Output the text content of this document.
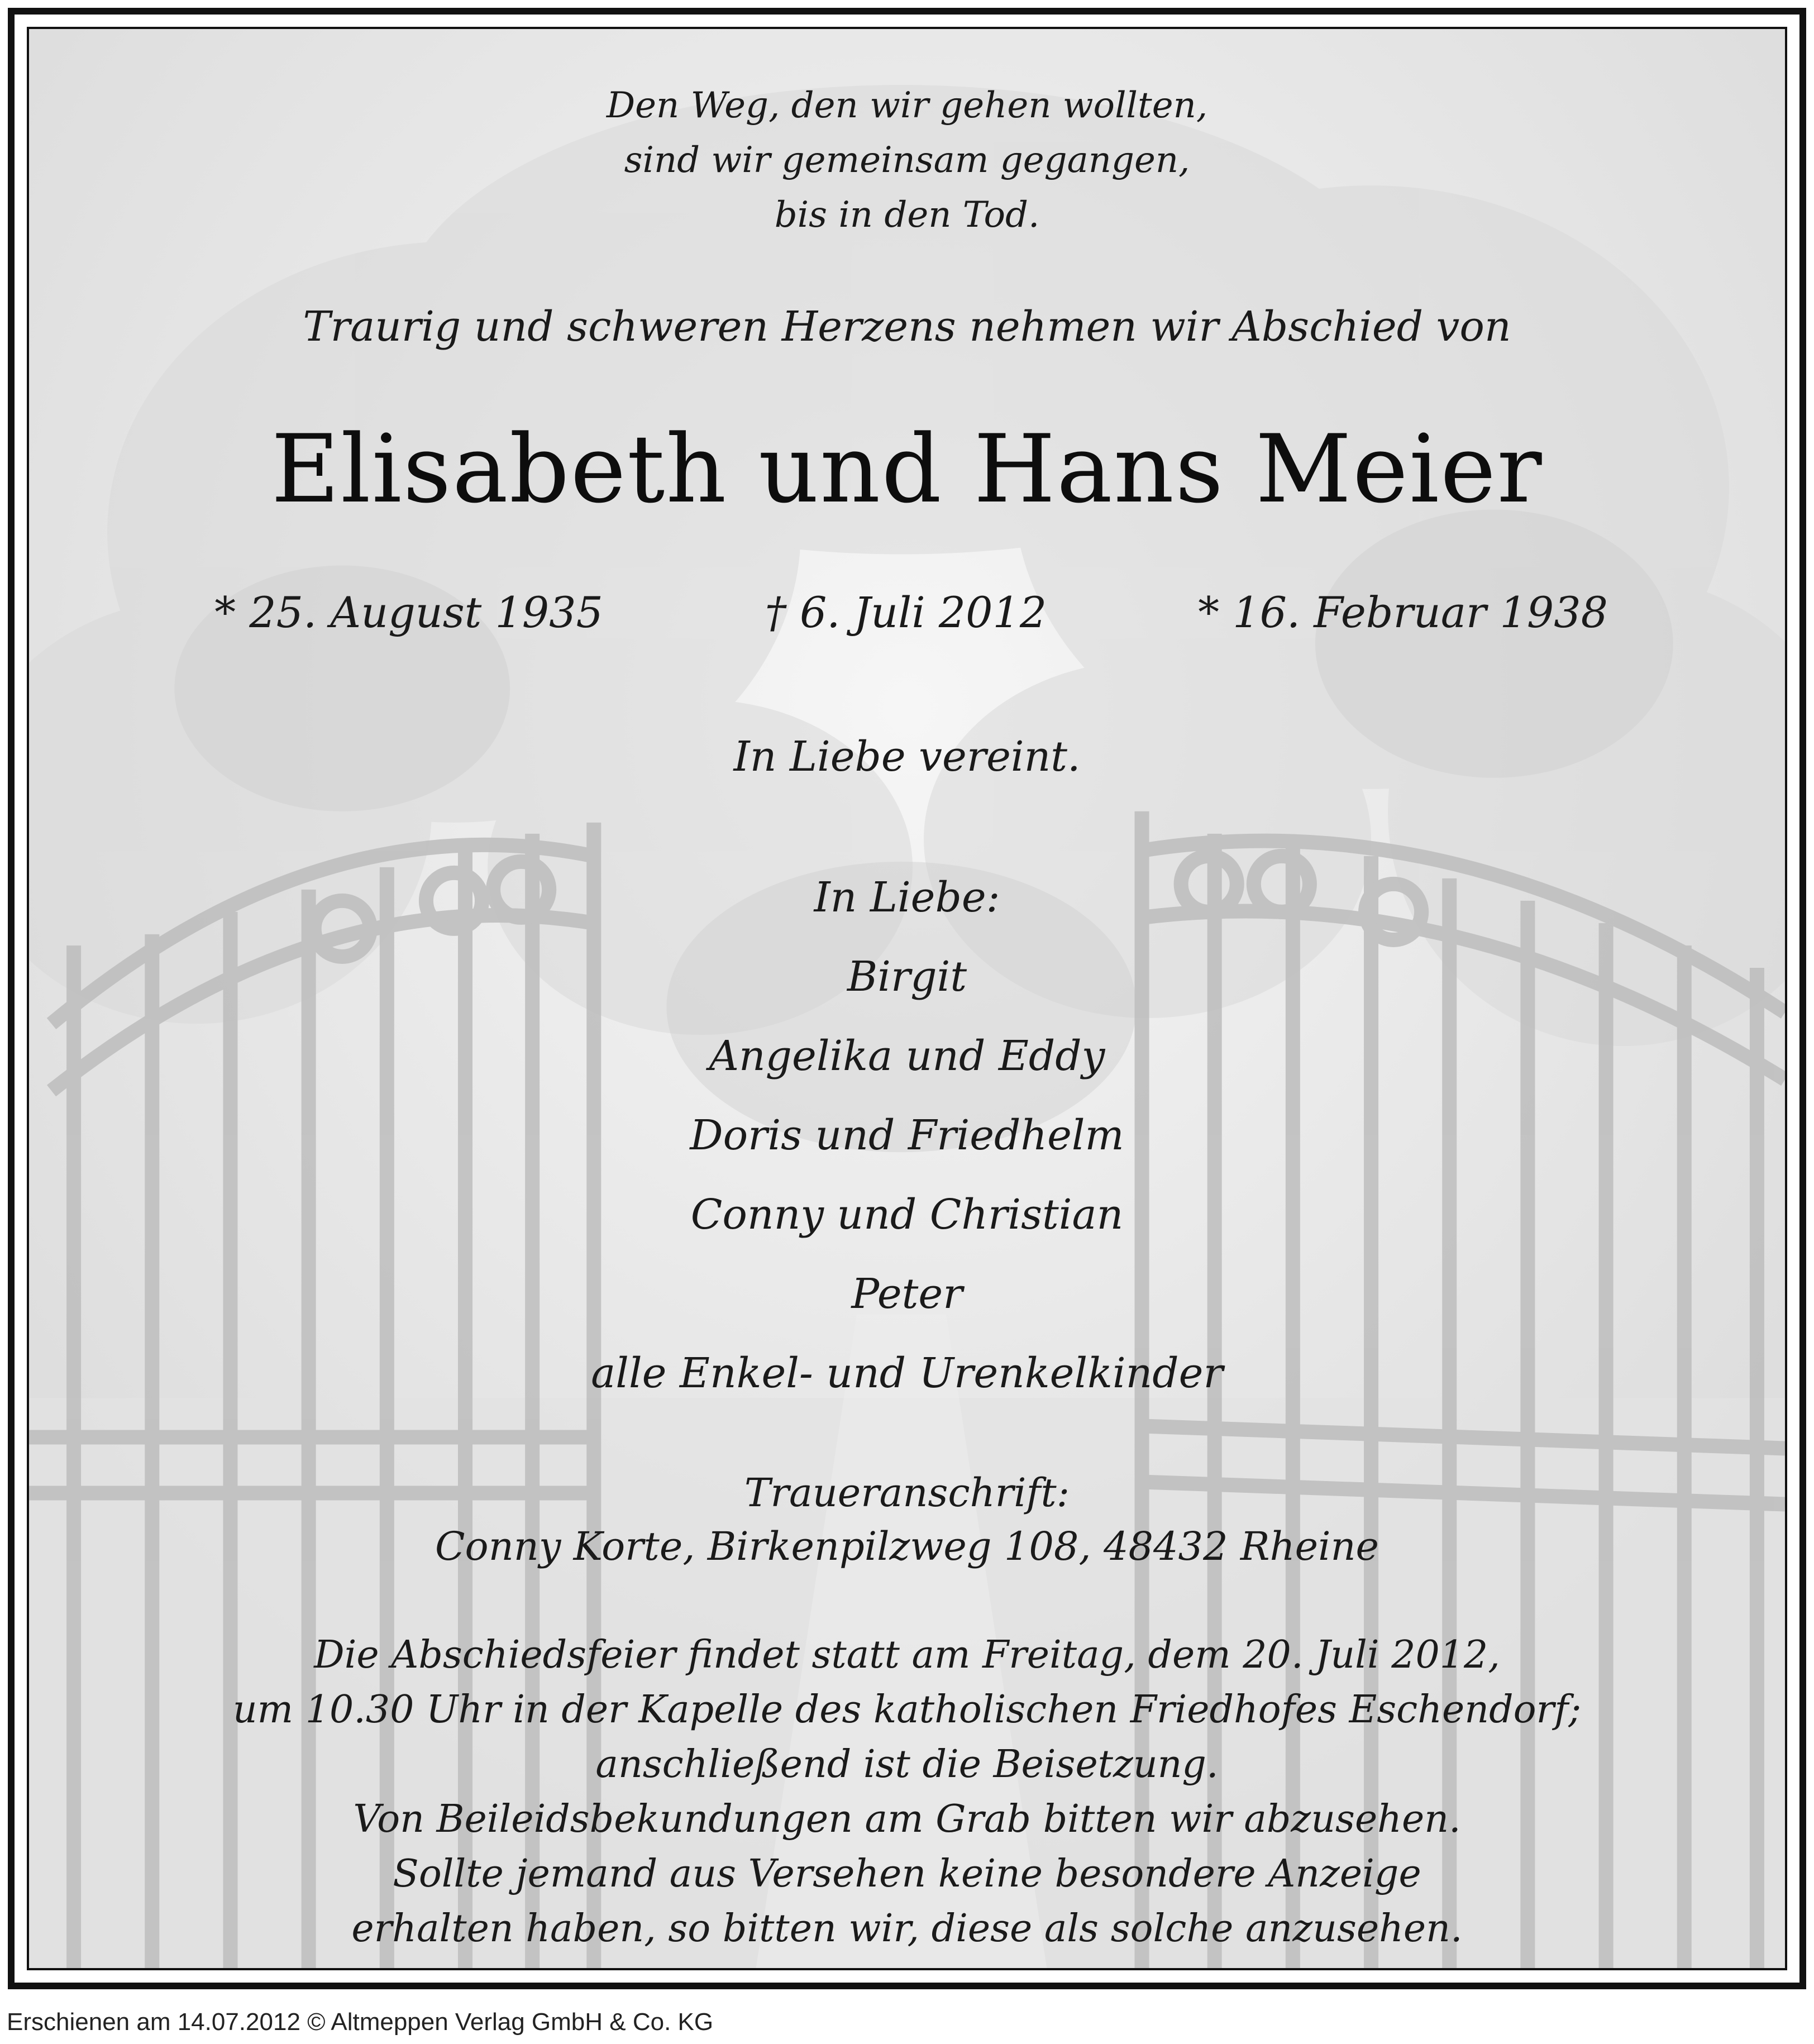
Den Weg, den wir gehen wollten,
sind wir gemeinsam gegangen,
bis in den Tod.
Traurig und schweren Herzens nehmen wir Abschied von
Elisabeth und Hans Meier
* 25. August 1935	† 6. Juli 2012	* 16. Februar 1938
In Liebe vereint.
In Liebe:
Birgit
Angelika und Eddy
Doris und Friedhelm
Conny und Christian
Peter
alle Enkel- und Urenkelkinder
Traueranschrift:
Conny Korte, Birkenpilzweg 108, 48432 Rheine
Die Abschiedsfeier findet statt am Freitag, dem 20. Juli 2012,
um 10.30 Uhr in der Kapelle des katholischen Friedhofes Eschendorf;
anschließend ist die Beisetzung.
Von Beileidsbekundungen am Grab bitten wir abzusehen.
Sollte jemand aus Versehen keine besondere Anzeige
erhalten haben, so bitten wir, diese als solche anzusehen.
Erschienen am 14.07.2012 © Altmeppen Verlag GmbH & Co. KG
